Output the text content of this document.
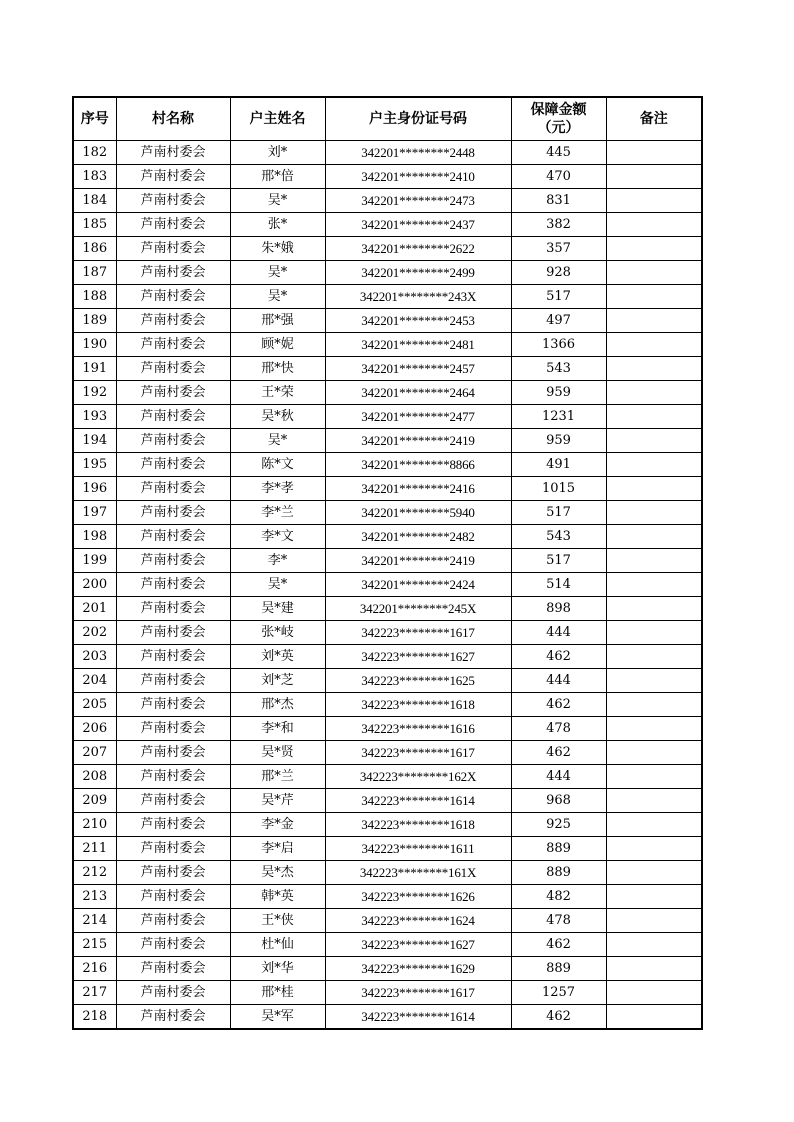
序号	村名称	户主姓名	户主身份证号码	保障金额
（元）	备注
182	芦南村委会	刘*	342201********2448	445	
183	芦南村委会	邢*倍	342201********2410	470	
184	芦南村委会	吴*	342201********2473	831	
185	芦南村委会	张*	342201********2437	382	
186	芦南村委会	朱*娥	342201********2622	357	
187	芦南村委会	吴*	342201********2499	928	
188	芦南村委会	吴*	342201********243X	517	
189	芦南村委会	邢*强	342201********2453	497	
190	芦南村委会	顾*妮	342201********2481	1366	
191	芦南村委会	邢*快	342201********2457	543	
192	芦南村委会	王*荣	342201********2464	959	
193	芦南村委会	吴*秋	342201********2477	1231	
194	芦南村委会	吴*	342201********2419	959	
195	芦南村委会	陈*文	342201********8866	491	
196	芦南村委会	李*孝	342201********2416	1015	
197	芦南村委会	李*兰	342201********5940	517	
198	芦南村委会	李*文	342201********2482	543	
199	芦南村委会	李*	342201********2419	517	
200	芦南村委会	吴*	342201********2424	514	
201	芦南村委会	吴*建	342201********245X	898	
202	芦南村委会	张*岐	342223********1617	444	
203	芦南村委会	刘*英	342223********1627	462	
204	芦南村委会	刘*芝	342223********1625	444	
205	芦南村委会	邢*杰	342223********1618	462	
206	芦南村委会	李*和	342223********1616	478	
207	芦南村委会	吴*贤	342223********1617	462	
208	芦南村委会	邢*兰	342223********162X	444	
209	芦南村委会	吴*芹	342223********1614	968	
210	芦南村委会	李*金	342223********1618	925	
211	芦南村委会	李*启	342223********1611	889	
212	芦南村委会	吴*杰	342223********161X	889	
213	芦南村委会	韩*英	342223********1626	482	
214	芦南村委会	王*侠	342223********1624	478	
215	芦南村委会	杜*仙	342223********1627	462	
216	芦南村委会	刘*华	342223********1629	889	
217	芦南村委会	邢*桂	342223********1617	1257	
218	芦南村委会	吴*军	342223********1614	462	
